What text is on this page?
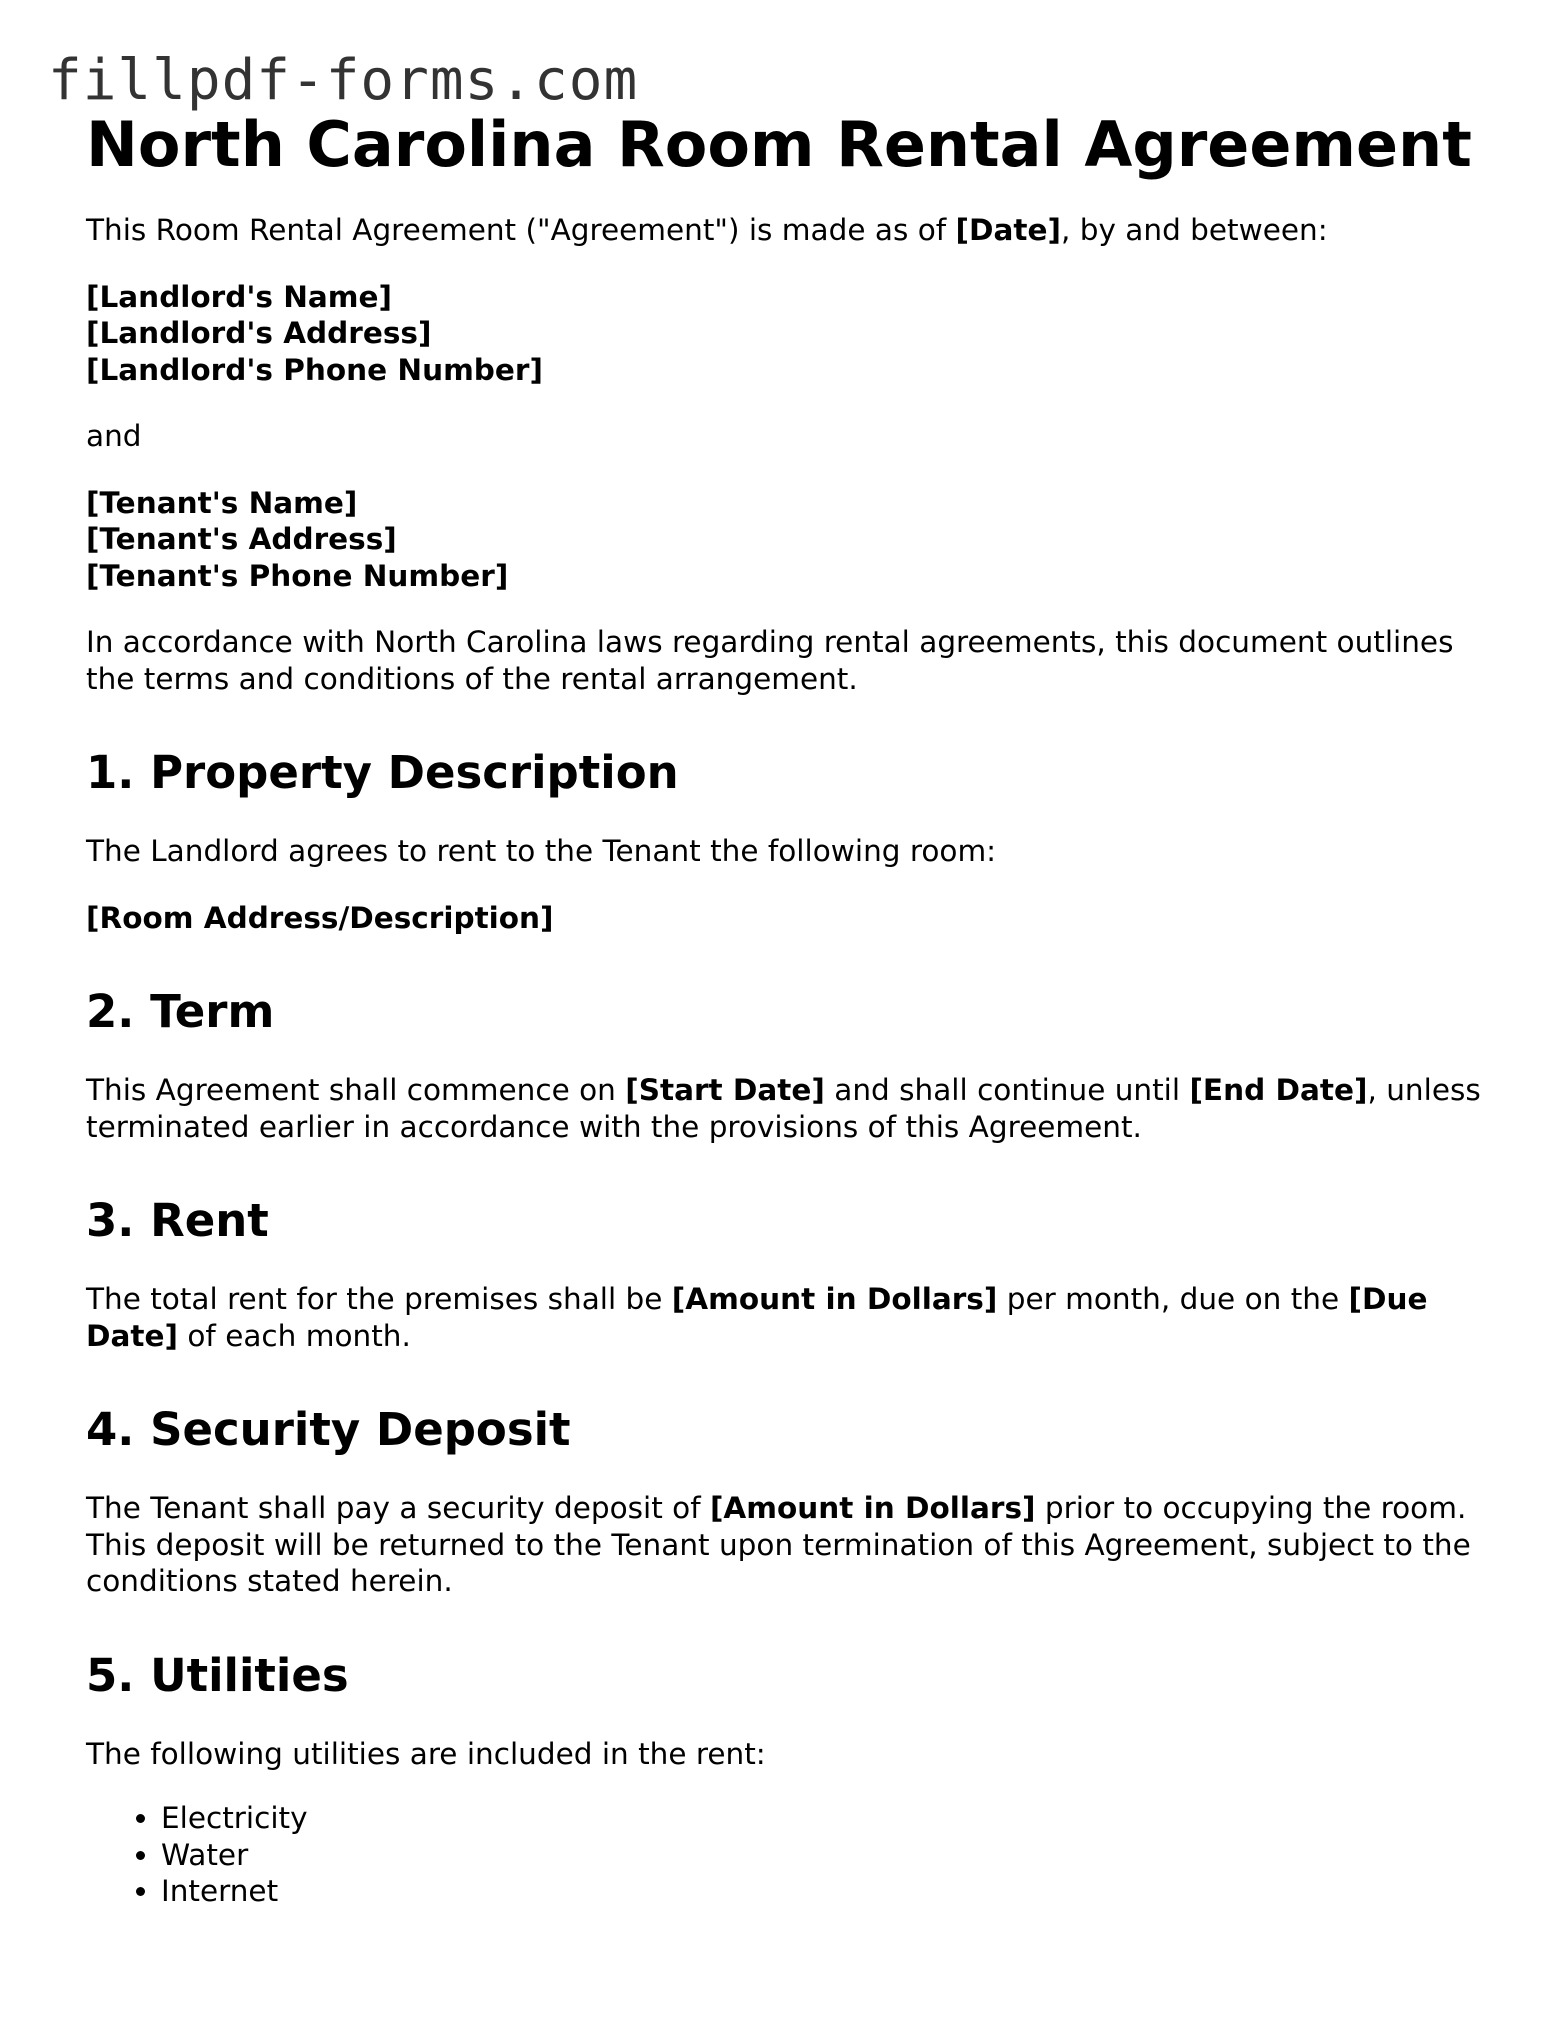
fillpdf-forms.com
North Carolina Room Rental Agreement

This Room Rental Agreement ("Agreement") is made as of [Date], by and between:

[Landlord's Name]
[Landlord's Address]
[Landlord's Phone Number]

and

[Tenant's Name]
[Tenant's Address]
[Tenant's Phone Number]

In accordance with North Carolina laws regarding rental agreements, this document outlines the terms and conditions of the rental arrangement.

1. Property Description

The Landlord agrees to rent to the Tenant the following room:

[Room Address/Description]

2. Term

This Agreement shall commence on [Start Date] and shall continue until [End Date], unless terminated earlier in accordance with the provisions of this Agreement.

3. Rent

The total rent for the premises shall be [Amount in Dollars] per month, due on the [Due Date] of each month.

4. Security Deposit

The Tenant shall pay a security deposit of [Amount in Dollars] prior to occupying the room. This deposit will be returned to the Tenant upon termination of this Agreement, subject to the conditions stated herein.

5. Utilities

The following utilities are included in the rent:

• Electricity
• Water
• Internet
